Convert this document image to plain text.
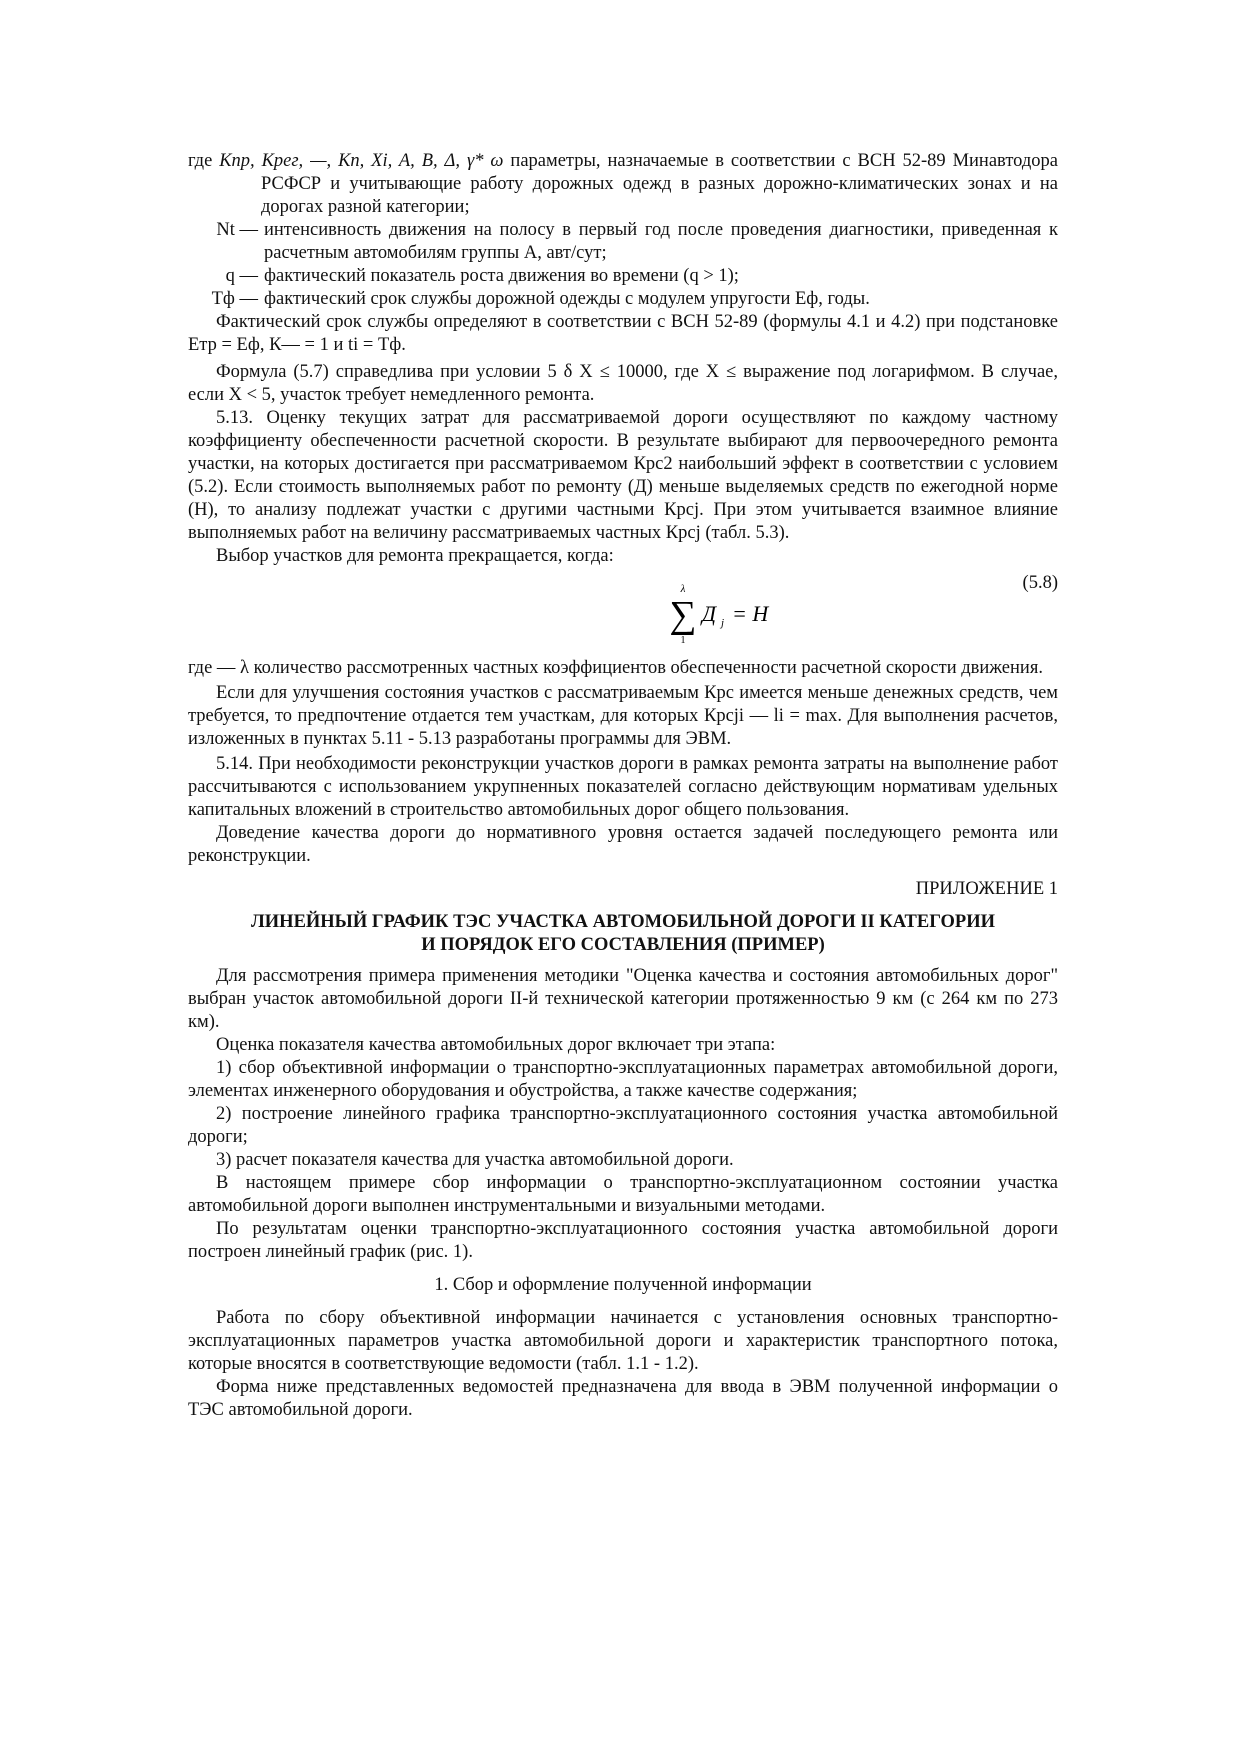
где Кпр, Крег, —, Кп, Xi, A, B, Δ, γ* ω параметры, назначаемые в соответствии с ВСН 52-89 Минавтодора РСФСР и учитывающие работу дорожных одежд в разных дорожно-климатических зонах и на дорогах разной категории;

Nt — интенсивность движения на полосу в первый год после проведения диагностики, приведенная к расчетным автомобилям группы А, авт/сут;
q — фактический показатель роста движения во времени (q > 1);
Tф — фактический срок службы дорожной одежды с модулем упругости Еф, годы.

Фактический срок службы определяют в соответствии с ВСН 52-89 (формулы 4.1 и 4.2) при подстановке Етр = Еф, К— = 1 и ti = Тф.

Формула (5.7) справедлива при условии 5 δ X ≤ 10000, где X ≤ выражение под логарифмом. В случае, если X < 5, участок требует немедленного ремонта.

5.13. Оценку текущих затрат для рассматриваемой дороги осуществляют по каждому частному коэффициенту обеспеченности расчетной скорости. В результате выбирают для первоочередного ремонта участки, на которых достигается при рассматриваемом Крс2 наибольший эффект в соответствии с условием (5.2). Если стоимость выполняемых работ по ремонту (Д) меньше выделяемых средств по ежегодной норме (Н), то анализу подлежат участки с другими частными Крсj. При этом учитывается взаимное влияние выполняемых работ на величину рассматриваемых частных Крсj (табл. 5.3).

Выбор участков для ремонта прекращается, когда:

(5.8)
λ
∑
1
Д j = Н

где — λ количество рассмотренных частных коэффициентов обеспеченности расчетной скорости движения.

Если для улучшения состояния участков с рассматриваемым Крс имеется меньше денежных средств, чем требуется, то предпочтение отдается тем участкам, для которых Крсji — li = max. Для выполнения расчетов, изложенных в пунктах 5.11 - 5.13 разработаны программы для ЭВМ.

5.14. При необходимости реконструкции участков дороги в рамках ремонта затраты на выполнение работ рассчитываются с использованием укрупненных показателей согласно действующим нормативам удельных капитальных вложений в строительство автомобильных дорог общего пользования.

Доведение качества дороги до нормативного уровня остается задачей последующего ремонта или реконструкции.

ПРИЛОЖЕНИЕ 1

ЛИНЕЙНЫЙ ГРАФИК ТЭС УЧАСТКА АВТОМОБИЛЬНОЙ ДОРОГИ II КАТЕГОРИИ
И ПОРЯДОК ЕГО СОСТАВЛЕНИЯ (ПРИМЕР)

Для рассмотрения примера применения методики "Оценка качества и состояния автомобильных дорог" выбран участок автомобильной дороги II-й технической категории протяженностью 9 км (с 264 км по 273 км).

Оценка показателя качества автомобильных дорог включает три этапа:

1) сбор объективной информации о транспортно-эксплуатационных параметрах автомобильной дороги, элементах инженерного оборудования и обустройства, а также качестве содержания;

2) построение линейного графика транспортно-эксплуатационного состояния участка автомобильной дороги;

3) расчет показателя качества для участка автомобильной дороги.

В настоящем примере сбор информации о транспортно-эксплуатационном состоянии участка автомобильной дороги выполнен инструментальными и визуальными методами.

По результатам оценки транспортно-эксплуатационного состояния участка автомобильной дороги построен линейный график (рис. 1).

1. Сбор и оформление полученной информации

Работа по сбору объективной информации начинается с установления основных транспортно-эксплуатационных параметров участка автомобильной дороги и характеристик транспортного потока, которые вносятся в соответствующие ведомости (табл. 1.1 - 1.2).

Форма ниже представленных ведомостей предназначена для ввода в ЭВМ полученной информации о ТЭС автомобильной дороги.
